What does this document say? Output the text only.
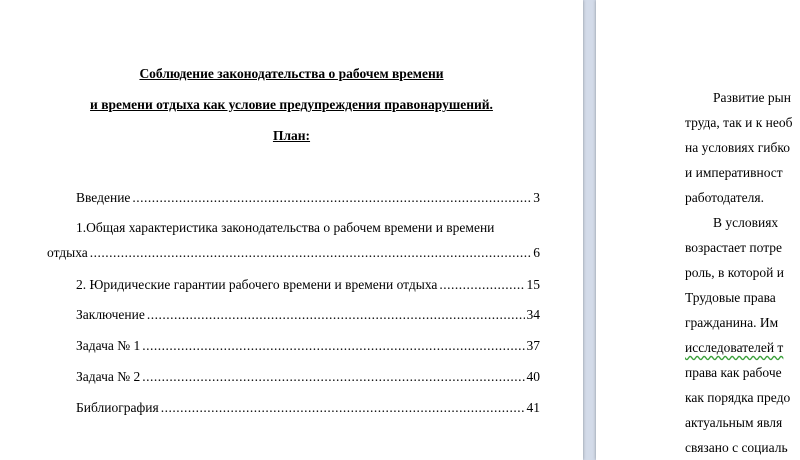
Соблюдение законодательства о рабочем времени
и времени отдыха как условие предупреждения правонарушений.
План:
Введение .....	3
1.Общая характеристика законодательства о рабочем времени и времени
отдыха .....	6
2. Юридические гарантии рабочего времени и времени отдыха .....	15
Заключение .....	34
Задача № 1 .....	37
Задача № 2 .....	40
Библиография .....	41
Развитие рын
труда, так и к необ
на условиях гибко
и императивност
работодателя.
В условиях
возрастает потре
роль, в которой и
Трудовые права
гражданина. Им
исследователей т
права как рабоче
как порядка предо
актуальным явля
связано с социаль
